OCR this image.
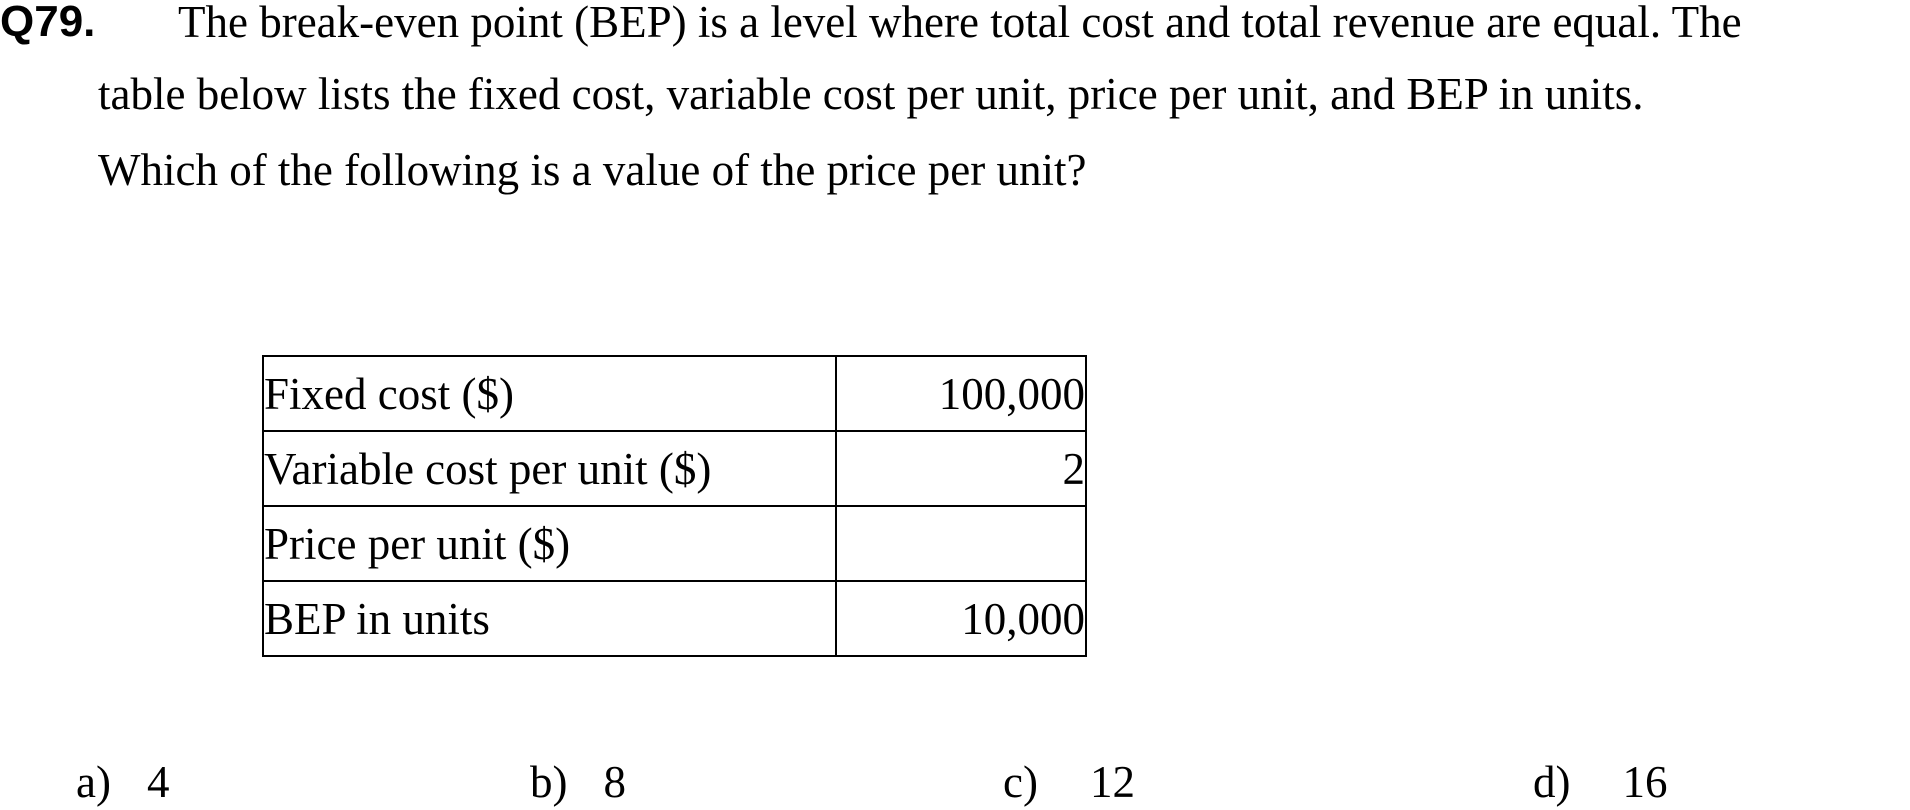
Q79. The break-even point (BEP) is a level where total cost and total revenue are equal. The
table below lists the fixed cost, variable cost per unit, price per unit, and BEP in units.
Which of the following is a value of the price per unit?
Fixed cost ($)	100,000
Variable cost per unit ($)	2
Price per unit ($)	
BEP in units	10,000
a) 4	b) 8	c) 12	d) 16
